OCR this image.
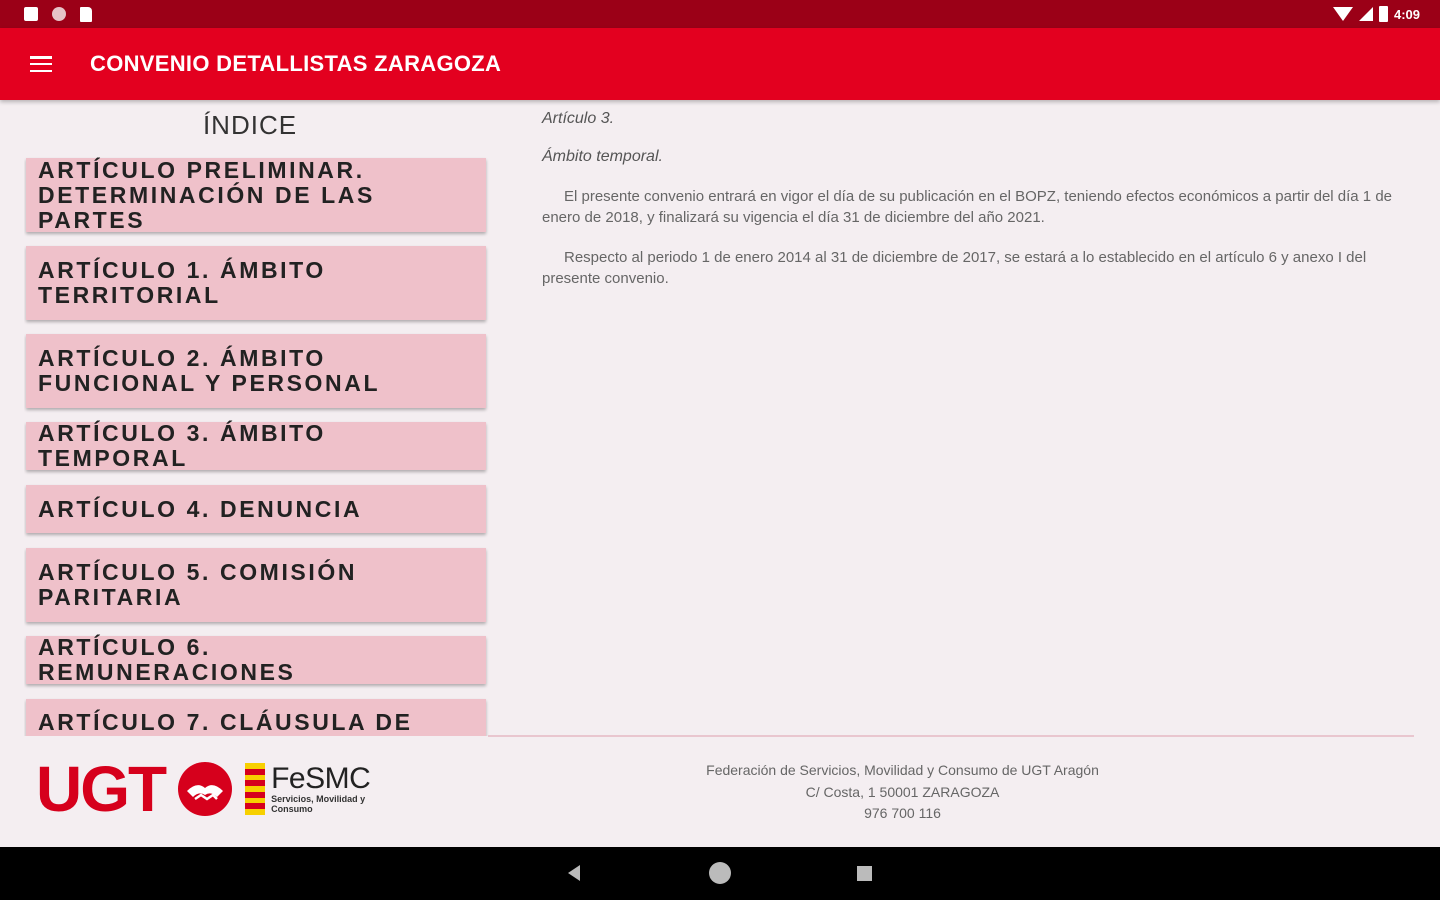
4:09
CONVENIO DETALLISTAS ZARAGOZA
ÍNDICE
ARTÍCULO PRELIMINAR. DETERMINACIÓN DE LAS PARTES
ARTÍCULO 1. ÁMBITO TERRITORIAL
ARTÍCULO 2. ÁMBITO FUNCIONAL Y PERSONAL
ARTÍCULO 3. ÁMBITO TEMPORAL
ARTÍCULO 4. DENUNCIA
ARTÍCULO 5. COMISIÓN PARITARIA
ARTÍCULO 6. REMUNERACIONES
ARTÍCULO 7. CLÁUSULA DE
Artículo 3.
Ámbito temporal.

El presente convenio entrará en vigor el día de su publicación en el BOPZ, teniendo efectos económicos a partir del día 1 de enero de 2018, y finalizará su vigencia el día 31 de diciembre del año 2021.

Respecto al periodo 1 de enero 2014 al 31 de diciembre de 2017, se estará a lo establecido en el artículo 6 y anexo I del presente convenio.

UGT	FeSMC
Servicios, Movilidad y Consumo
Federación de Servicios, Movilidad y Consumo de UGT Aragón
C/ Costa, 1 50001 ZARAGOZA
976 700 116
